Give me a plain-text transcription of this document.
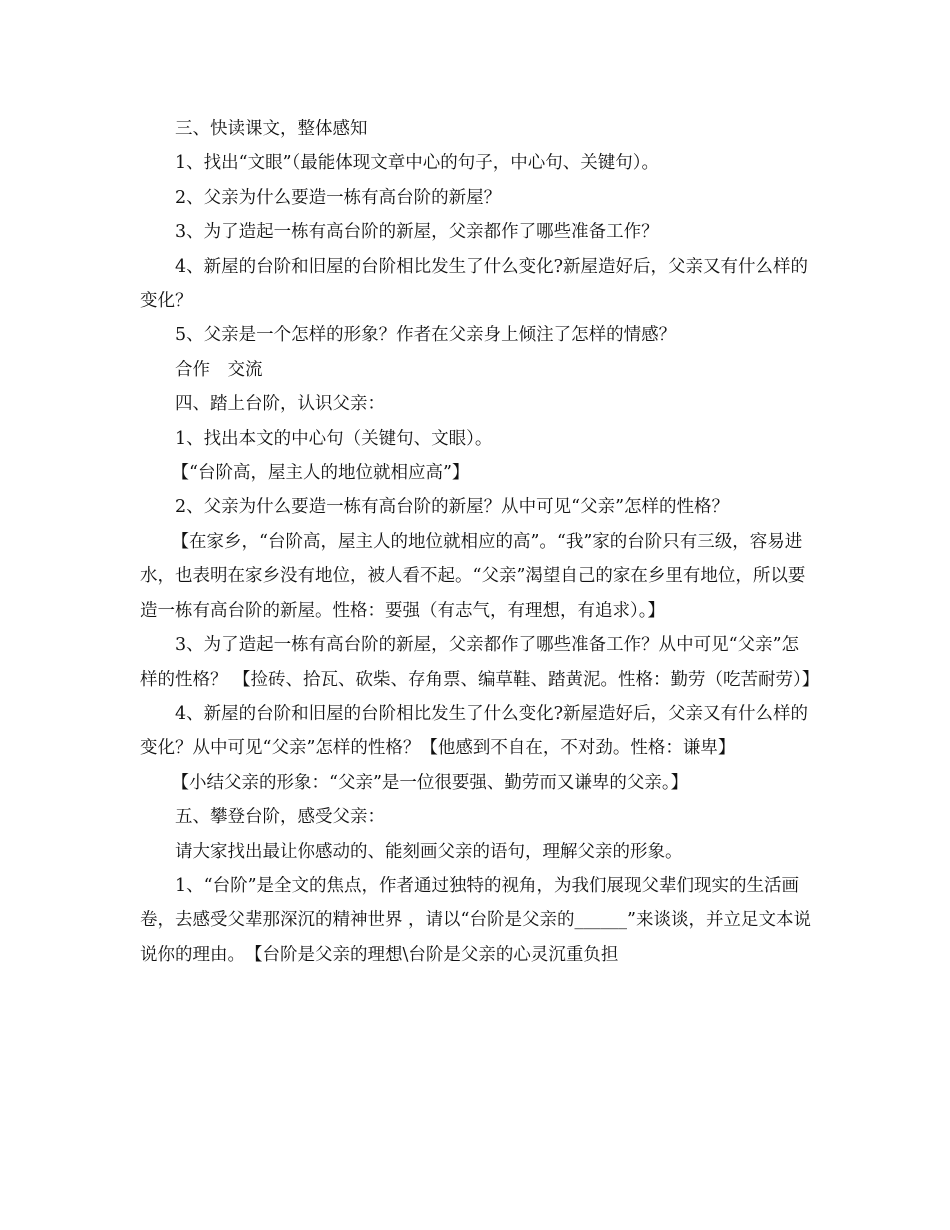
三、快读课文，整体感知

1、找出“文眼”（最能体现文章中心的句子，中心句、关键句）。

2、父亲为什么要造一栋有高台阶的新屋？

3、为了造起一栋有高台阶的新屋，父亲都作了哪些准备工作？

4、新屋的台阶和旧屋的台阶相比发生了什么变化?新屋造好后，父亲又有什么样的变化？

5、父亲是一个怎样的形象？作者在父亲身上倾注了怎样的情感？

合作　交流

四、踏上台阶，认识父亲：

1、找出本文的中心句（关键句、文眼）。

【“台阶高，屋主人的地位就相应高”】

2、父亲为什么要造一栋有高台阶的新屋？从中可见“父亲”怎样的性格？

【在家乡，“台阶高，屋主人的地位就相应的高”。“我”家的台阶只有三级，容易进水，也表明在家乡没有地位，被人看不起。“父亲”渴望自己的家在乡里有地位，所以要造一栋有高台阶的新屋。性格：要强（有志气，有理想，有追求）。】

3、为了造起一栋有高台阶的新屋，父亲都作了哪些准备工作？从中可见“父亲”怎样的性格？ 【捡砖、拾瓦、砍柴、存角票、编草鞋、踏黄泥。性格：勤劳（吃苦耐劳）】

4、新屋的台阶和旧屋的台阶相比发生了什么变化?新屋造好后，父亲又有什么样的变化？从中可见“父亲”怎样的性格？【他感到不自在，不对劲。性格：谦卑】

【小结父亲的形象：“父亲”是一位很要强、勤劳而又谦卑的父亲。】

五、攀登台阶，感受父亲：

请大家找出最让你感动的、能刻画父亲的语句，理解父亲的形象。

1、“台阶”是全文的焦点，作者通过独特的视角，为我们展现父辈们现实的生活画卷，去感受父辈那深沉的精神世界 ，请以“台阶是父亲的______”来谈谈，并立足文本说说你的理由。　【台阶是父亲的理想\台阶是父亲的心灵沉重负担
